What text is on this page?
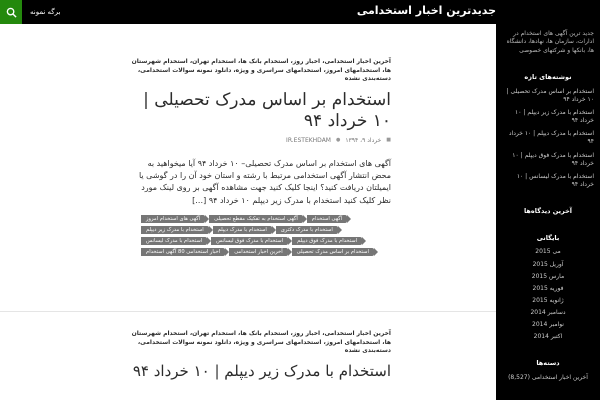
جدیدترین اخبار استخدامی
برگه نمونه
جدید ترین آگهی های استخدام در ادارات، سازمان ها، نهادها، دانشگاه ها، بانکها و شرکتهای خصوصی
نوشته‌های تازه
استخدام بر اساس مدرک تحصیلی | ۱۰ خرداد ۹۴
استخدام با مدرک زیر دیپلم | ۱۰ خرداد ۹۴
استخدام با مدرک دیپلم | ۱۰ خرداد ۹۴
استخدام با مدرک فوق دیپلم | ۱۰ خرداد ۹۴
استخدام با مدرک لیسانس | ۱۰ خرداد ۹۴
آخرین دیدگاه‌ها
بایگانی
می 2015
آوریل 2015
مارس 2015
فوریه 2015
ژانویه 2015
دسامبر 2014
نوامبر 2014
اکتبر 2014
دسته‌ها
آخرین اخبار استخدامی (8,527)
آخرین اخبار استخدامی، اخبار روز، استخدام بانک ها، استخدام تهران، استخدام شهرستان ها، استخدامهای امروز، استخدامهای سراسری و ویژه، دانلود نمونه سوالات استخدامی، دسته‌بندی نشده
استخدام بر اساس مدرک تحصیلی | ۱۰ خرداد ۹۴
■
خرداد ۹، ۱۳۹۴
●
IR.ESTEKHDAM
آگهی های استخدام بر اساس مدرک تحصیلی– ۱۰ خرداد ۹۴ آیا میخواهید به محض انتشار آگهی استخدامی مرتبط با رشته و استان خود آن را در گوشی یا ایمیلتان دریافت کنید؟ اینجا کلیک کنید جهت مشاهده آگهی بر روی لینک مورد نظر کلیک کنید استخدام با مدرک زیر دیپلم ۱۰ خرداد ۹۴ […]
آگهی استخدام
آگهی استخدام به تفکیک مقطع تحصیلی
آگهی های استخدام امروز
استخدام با مدرک دکتری
استخدام با مدرک دیپلم
استخدام با مدرک زیر دیپلم
استخدام با مدرک فوق دیپلم
استخدام با مدرک فوق لیسانس
استخدام با مدرک لیسانس
استخدام بر اساس مدرک تحصیلی
آخرین اخبار استخدامی
اخبار استخدامی 80 آگهی استخدام
آخرین اخبار استخدامی، اخبار روز، استخدام بانک ها، استخدام تهران، استخدام شهرستان ها، استخدامهای امروز، استخدامهای سراسری و ویژه، دانلود نمونه سوالات استخدامی، دسته‌بندی نشده
استخدام با مدرک زیر دیپلم | ۱۰ خرداد ۹۴
